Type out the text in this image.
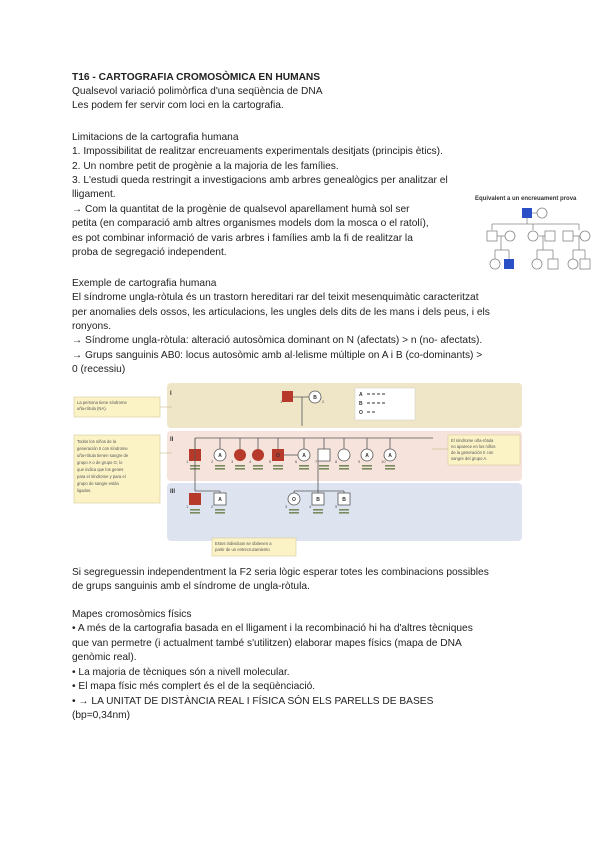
T16 - CARTOGRAFIA CROMOSÒMICA EN HUMANS
Qualsevol variació polimòrfica d'una seqüència de DNA
Les podem fer servir com loci en la cartografia.
Limitacions de la cartografia humana
1. Impossibilitat de realitzar encreuaments experimentals desitjats (principis ètics).
2. Un nombre petit de progènie a la majoria de les famílies.
3. L'estudi queda restringit a investigacions amb arbres genealògics per analitzar el
lligament.
→ Com la quantitat de la progènie de qualsevol aparellament humà sol ser
petita (en comparació amb altres organismes models dom la mosca o el ratolí),
es pot combinar informació de varis arbres i famílies amb la fi de realitzar la
proba de segregació independent.
Equivalent a un encreuament prova
Exemple de cartografia humana
El síndrome ungla-ròtula és un trastorn hereditari rar del teixit mesenquimàtic caracteritzat
per anomalies dels ossos, les articulacions, les ungles dels dits de les mans i dels peus, i els
ronyons.
→ Síndrome ungla-ròtula: alteració autosòmica dominant on N (afectats) > n (no- afectats).
→ Grups sanguinis AB0: locus autosòmic amb al·lelisme múltiple on A i B (co-dominants) >
0 (recessiu)
I
II
III
La persona tiene síndrome uña-rótula (NA).
Todos los niños de la generación II con síndrome uña-rótula tienen sangre de grupo A o de grupo O, lo que indica que los genes para el síndrome y para el grupo de sangre están ligados.
El síndrome uña-rótula no aparece en los niños de la generación II con sangre del grupo A.
Estos individuos se obtienen a partir de un entrecruzamiento
A B O
B
1	2
1
A
2	3	4
O
5
A
6	7	8
A
9
A
10
1
A
2
O
3
B
4
B
5
Si segreguessin independentment la F2 seria lògic esperar totes les combinacions possibles
de grups sanguinis amb el síndrome de ungla-ròtula.
Mapes cromosòmics físics
• A més de la cartografia basada en el lligament i la recombinació hi ha d'altres tècniques
que van permetre (i actualment també s'utilitzen) elaborar mapes físics (mapa de DNA
genòmic real).
• La majoria de tècniques són a nivell molecular.
• El mapa físic més complert és el de la seqüènciació.
• → LA UNITAT DE DISTÀNCIA REAL I FÍSICA SÓN ELS PARELLS DE BASES
(bp=0,34nm)
